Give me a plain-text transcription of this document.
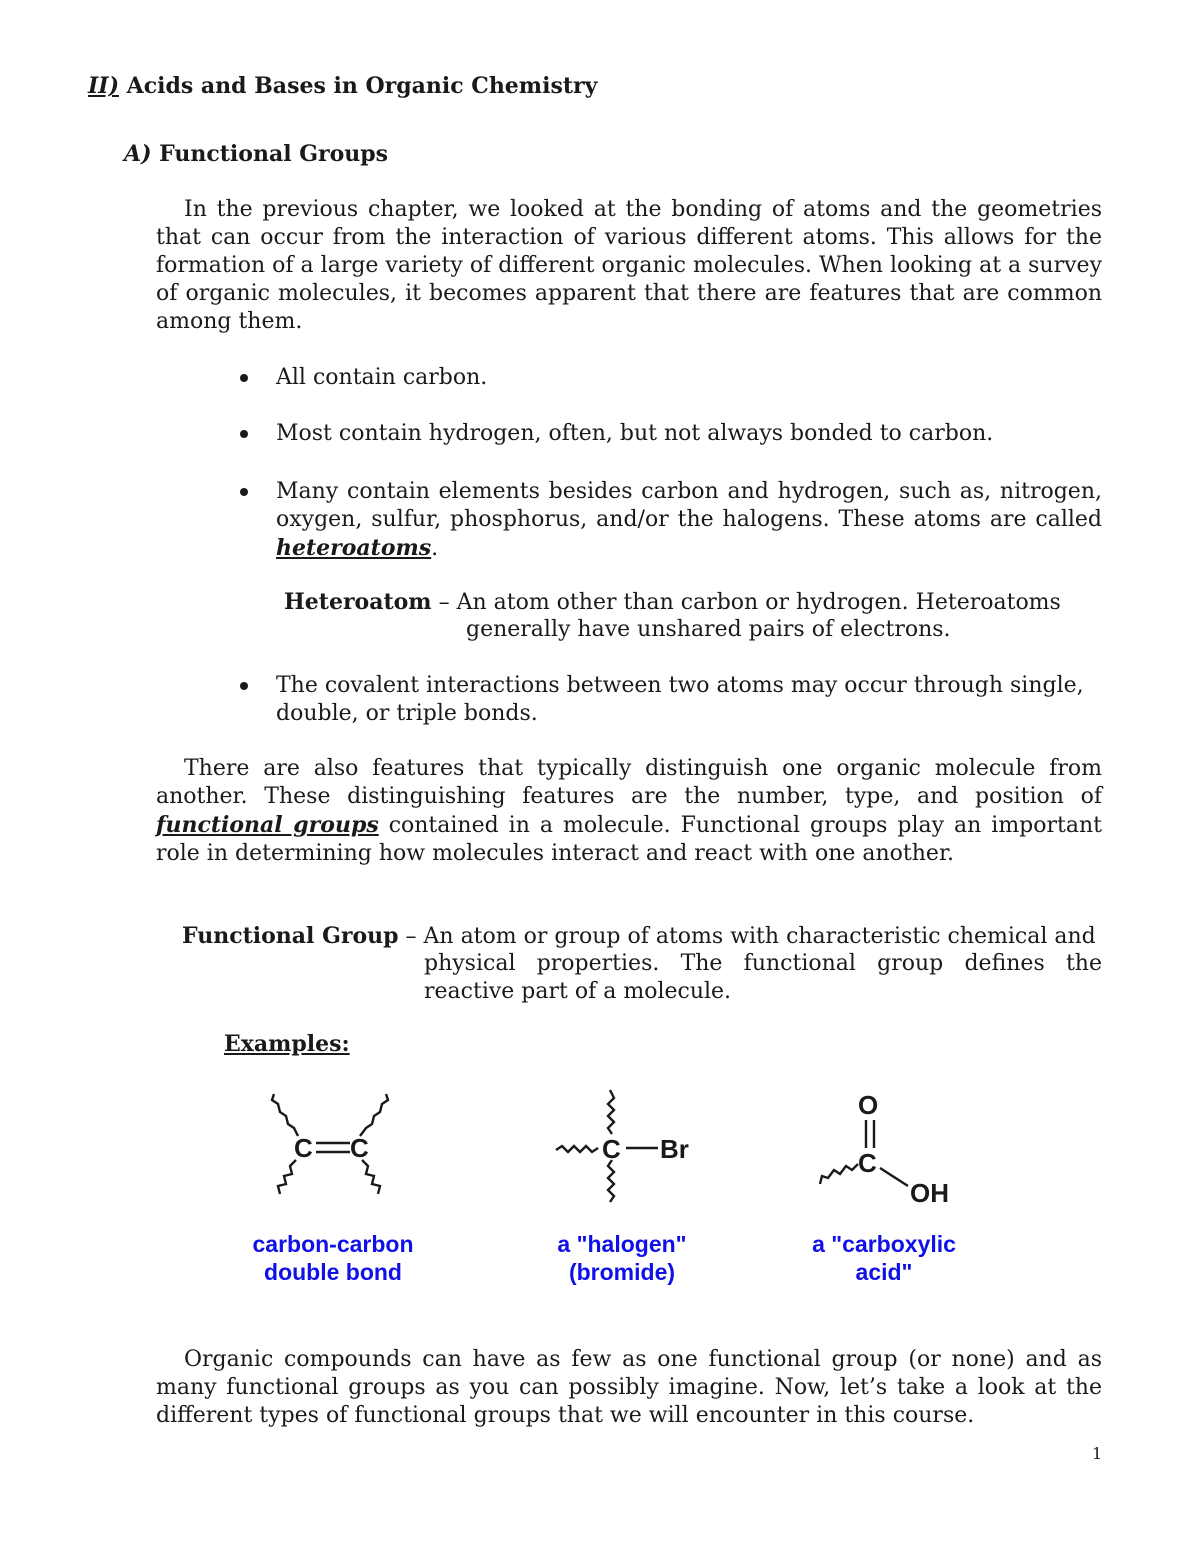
II) Acids and Bases in Organic Chemistry
A) Functional Groups
In the previous chapter, we looked at the bonding of atoms and the geometries that can occur from the interaction of various different atoms. This allows for the formation of a large variety of different organic molecules. When looking at a survey of organic molecules, it becomes apparent that there are features that are common among them.
All contain carbon.
Most contain hydrogen, often, but not always bonded to carbon.
Many contain elements besides carbon and hydrogen, such as, nitrogen, oxygen, sulfur, phosphorus, and/or the halogens. These atoms are called heteroatoms.
Heteroatom – An atom other than carbon or hydrogen. Heteroatoms
generally have unshared pairs of electrons.
The covalent interactions between two atoms may occur through single, double, or triple bonds.
There are also features that typically distinguish one organic molecule from another. These distinguishing features are the number, type, and position of functional groups contained in a molecule. Functional groups play an important role in determining how molecules interact and react with one another.
Functional Group – An atom or group of atoms with characteristic chemical and
physical properties. The functional group defines the reactive part of a molecule.
Examples:
C C	C Br
O
C
OH
carbon-carbon
double bond
a "halogen"
(bromide)
a "carboxylic
acid"
Organic compounds can have as few as one functional group (or none) and as many functional groups as you can possibly imagine. Now, let’s take a look at the different types of functional groups that we will encounter in this course.
1
